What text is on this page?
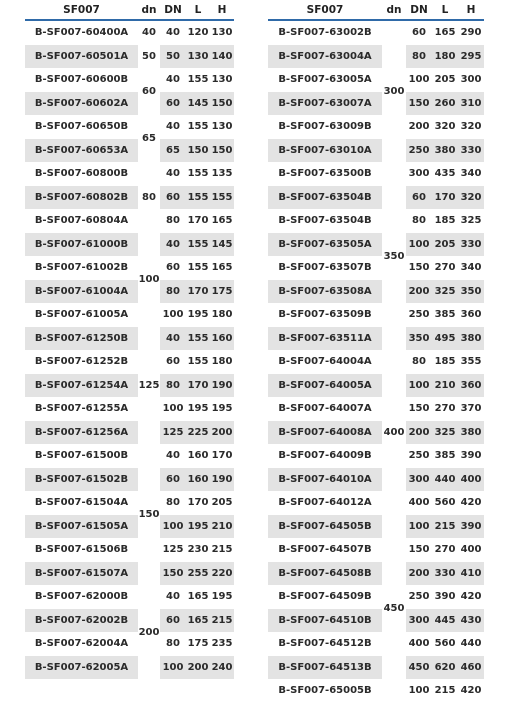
SF007	dn	DN	L	H
B-SF007-60400A	40	40	120	130
B-SF007-60501A	50	50	130	140
B-SF007-60600B	60	40	155	130
B-SF007-60602A		60	145	150
B-SF007-60650B	65	40	155	130
B-SF007-60653A		65	150	150
B-SF007-60800B	80	40	155	135
B-SF007-60802B		60	155	155
B-SF007-60804A		80	170	165
B-SF007-61000B	100	40	155	145
B-SF007-61002B		60	155	165
B-SF007-61004A		80	170	175
B-SF007-61005A		100	195	180
B-SF007-61250B	125	40	155	160
B-SF007-61252B		60	155	180
B-SF007-61254A		80	170	190
B-SF007-61255A		100	195	195
B-SF007-61256A		125	225	200
B-SF007-61500B	150	40	160	170
B-SF007-61502B		60	160	190
B-SF007-61504A		80	170	205
B-SF007-61505A		100	195	210
B-SF007-61506B		125	230	215
B-SF007-61507A		150	255	220
B-SF007-62000B	200	40	165	195
B-SF007-62002B		60	165	215
B-SF007-62004A		80	175	235
B-SF007-62005A		100	200	240
SF007	dn	DN	L	H
B-SF007-63002B	300	60	165	290
B-SF007-63004A		80	180	295
B-SF007-63005A		100	205	300
B-SF007-63007A		150	260	310
B-SF007-63009B		200	320	320
B-SF007-63010A		250	380	330
B-SF007-63500B	350	300	435	340
B-SF007-63504B		60	170	320
B-SF007-63504B		80	185	325
B-SF007-63505A		100	205	330
B-SF007-63507B		150	270	340
B-SF007-63508A		200	325	350
B-SF007-63509B		250	385	360
B-SF007-63511A		350	495	380
B-SF007-64004A	400	80	185	355
B-SF007-64005A		100	210	360
B-SF007-64007A		150	270	370
B-SF007-64008A		200	325	380
B-SF007-64009B		250	385	390
B-SF007-64010A		300	440	400
B-SF007-64012A		400	560	420
B-SF007-64505B	450	100	215	390
B-SF007-64507B		150	270	400
B-SF007-64508B		200	330	410
B-SF007-64509B		250	390	420
B-SF007-64510B		300	445	430
B-SF007-64512B		400	560	440
B-SF007-64513B		450	620	460
B-SF007-65005B		100	215	420
